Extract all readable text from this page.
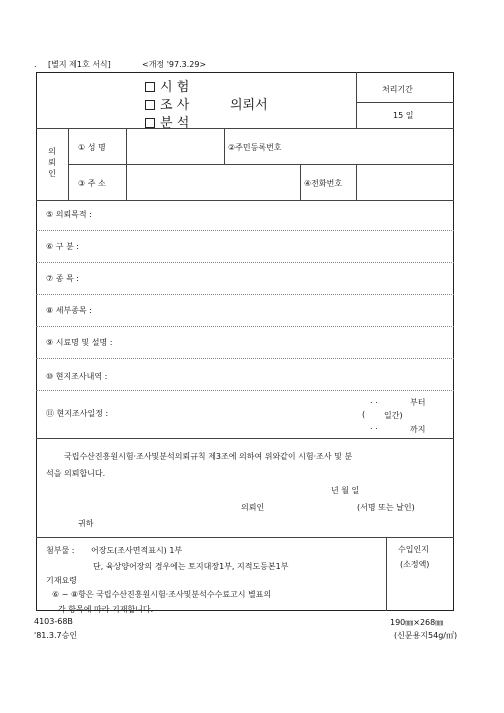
. [별지 제1호 서식]	<개정 '97.3.29>
시 험
조 사
분 석
의뢰서
처리기간
15 일
의
뢰
인
① 성 명	②주민등록번호
③ 주 소	④전화번호
⑤ 의뢰목적 :
⑥ 구 분 :
⑦ 종 목 :
⑧ 세부종목 :
⑨ 시료명 및 설명 :
⑩ 현지조사내역 :
⑪ 현지조사일정 :
. .	부터
( 일간)
. .	까지
국립수산진흥원시험·조사및분석의뢰규칙 제3조에 의하여 위와같이 시험·조사 및 분
석을 의뢰합니다.
년 월 일
의뢰인	(서명 또는 날인)
귀하
첨부물 : 어장도(조사면적표시) 1부
단, 육상양어장의 경우에는 토지대장1부, 지적도등본1부
기재요령
⑥ ~ ⑧항은 국립수산진흥원시험·조사및분석수수료고시 별표의
각 항목에 따라 기재합니다.
수입인지
(소정액)
4103-68B
'81.3.7승인
190㎜×268㎜
(신문용지54g/㎡)
